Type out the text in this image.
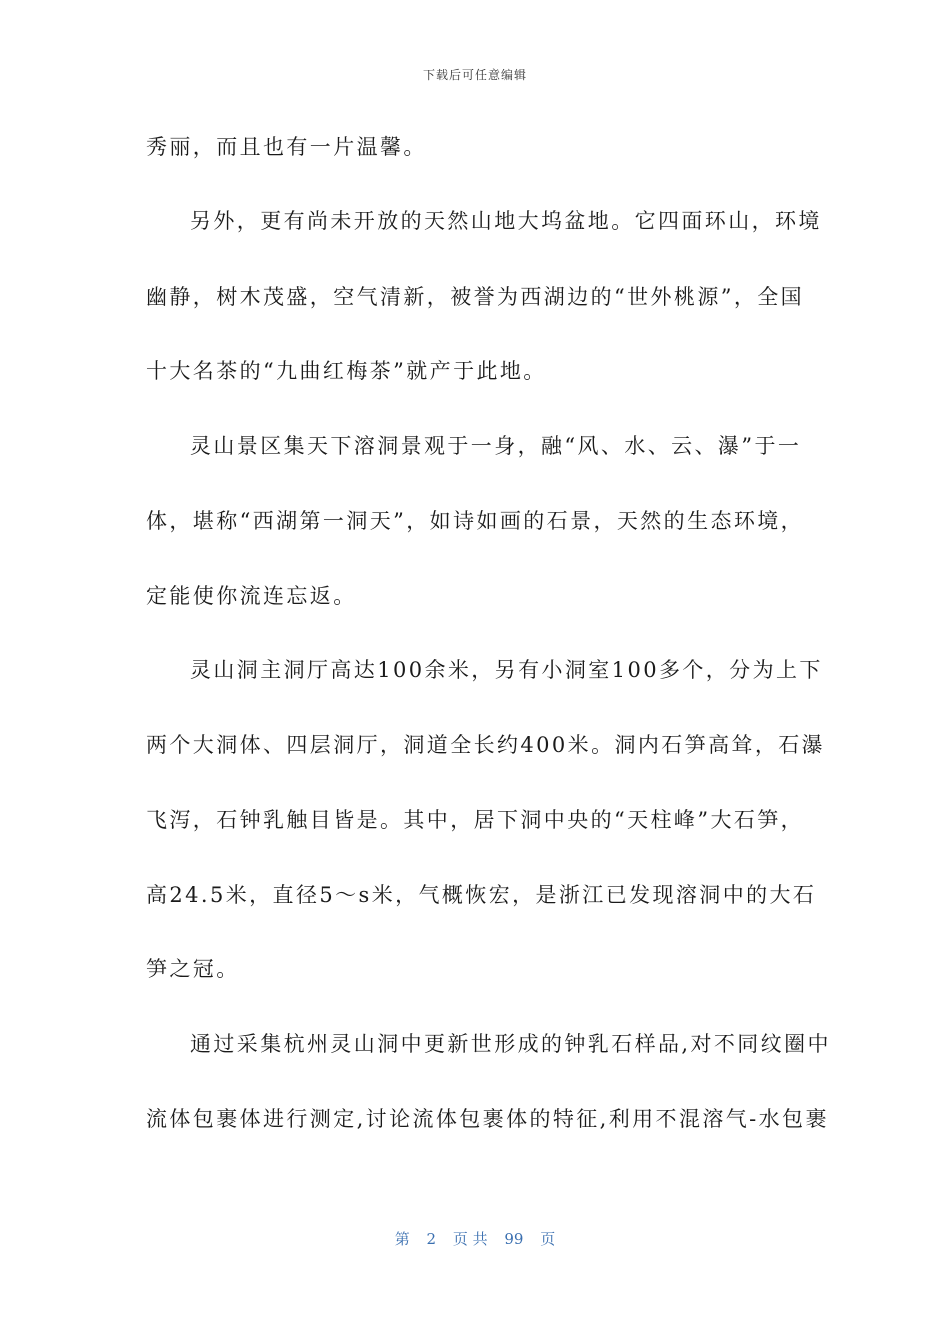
下载后可任意编辑
秀丽，而且也有一片温馨。
另外，更有尚未开放的天然山地大坞盆地。它四面环山，环境
幽静，树木茂盛，空气清新，被誉为西湖边的“世外桃源”，全国
十大名茶的“九曲红梅茶”就产于此地。
灵山景区集天下溶洞景观于一身，融“风、水、云、瀑”于一
体，堪称“西湖第一洞天”，如诗如画的石景，天然的生态环境，
定能使你流连忘返。
灵山洞主洞厅高达100余米，另有小洞室100多个，分为上下
两个大洞体、四层洞厅，洞道全长约400米。洞内石笋高耸，石瀑
飞泻，石钟乳触目皆是。其中，居下洞中央的“天柱峰”大石笋，
高24.5米，直径5～s米，气概恢宏，是浙江已发现溶洞中的大石
笋之冠。
通过采集杭州灵山洞中更新世形成的钟乳石样品,对不同纹圈中
流体包裹体进行测定,讨论流体包裹体的特征,利用不混溶气-水包裹
第 2 页 共 99 页
